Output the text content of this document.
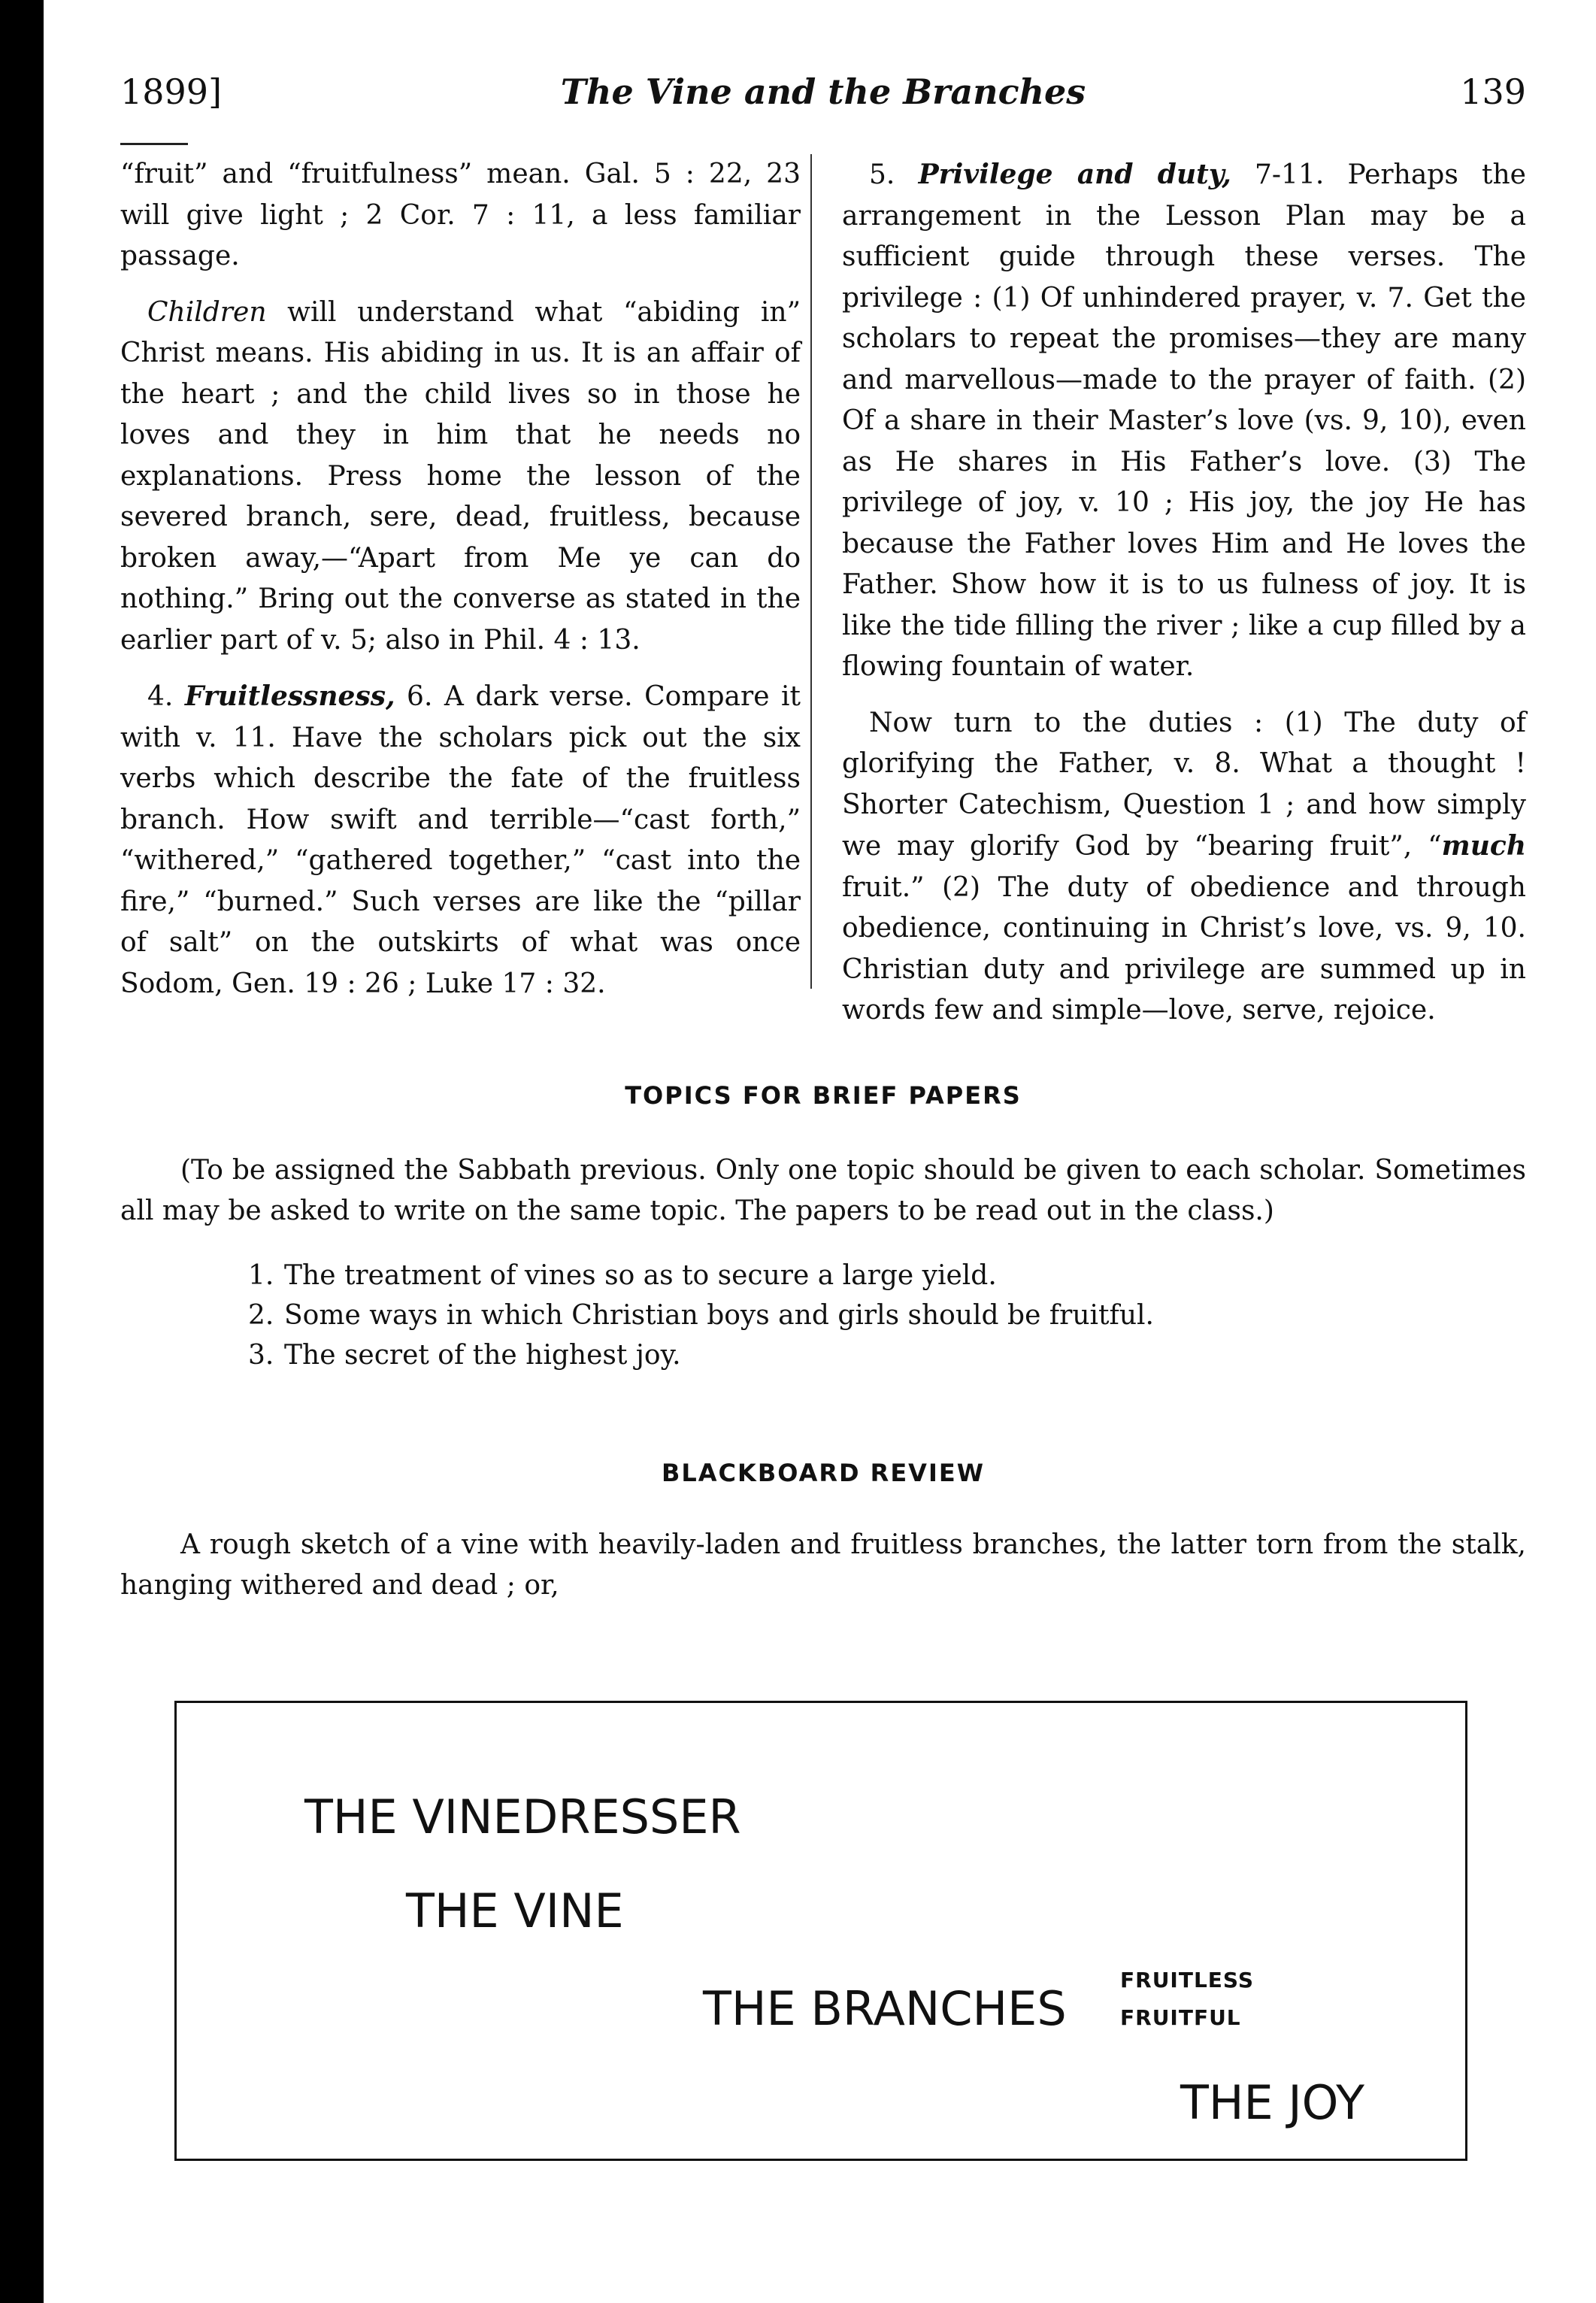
1899]	The Vine and the Branches	139

“fruit” and “fruitfulness” mean. Gal. 5 : 22, 23 will give light ; 2 Cor. 7 : 11, a less familiar passage.

Children will understand what “abiding in” Christ means. His abiding in us. It is an affair of the heart ; and the child lives so in those he loves and they in him that he needs no explanations. Press home the lesson of the severed branch, sere, dead, fruitless, because broken away,—“Apart from Me ye can do nothing.” Bring out the converse as stated in the earlier part of v. 5; also in Phil. 4 : 13.

4. Fruitlessness, 6. A dark verse. Compare it with v. 11. Have the scholars pick out the six verbs which describe the fate of the fruitless branch. How swift and terrible—“cast forth,” “withered,” “gathered together,” “cast into the fire,” “burned.” Such verses are like the “pillar of salt” on the outskirts of what was once Sodom, Gen. 19 : 26 ; Luke 17 : 32.

5. Privilege and duty, 7-11. Perhaps the arrangement in the Lesson Plan may be a sufficient guide through these verses. The privilege : (1) Of unhindered prayer, v. 7. Get the scholars to repeat the promises—they are many and marvellous—made to the prayer of faith. (2) Of a share in their Master’s love (vs. 9, 10), even as He shares in His Father’s love. (3) The privilege of joy, v. 10 ; His joy, the joy He has because the Father loves Him and He loves the Father. Show how it is to us fulness of joy. It is like the tide filling the river ; like a cup filled by a flowing fountain of water.

Now turn to the duties : (1) The duty of glorifying the Father, v. 8. What a thought ! Shorter Catechism, Question 1 ; and how simply we may glorify God by “bearing fruit”, “much fruit.” (2) The duty of obedience and through obedience, continuing in Christ’s love, vs. 9, 10. Christian duty and privilege are summed up in words few and simple—love, serve, rejoice.

TOPICS FOR BRIEF PAPERS
(To be assigned the Sabbath previous. Only one topic should be given to each scholar. Sometimes all may be asked to write on the same topic. The papers to be read out in the class.)
1. The treatment of vines so as to secure a large yield.
2. Some ways in which Christian boys and girls should be fruitful.
3. The secret of the highest joy.
BLACKBOARD REVIEW
A rough sketch of a vine with heavily-laden and fruitless branches, the latter torn from the stalk, hanging withered and dead ; or,
THE VINEDRESSER
THE VINE
THE BRANCHES
FRUITLESS
FRUITFUL
THE JOY
